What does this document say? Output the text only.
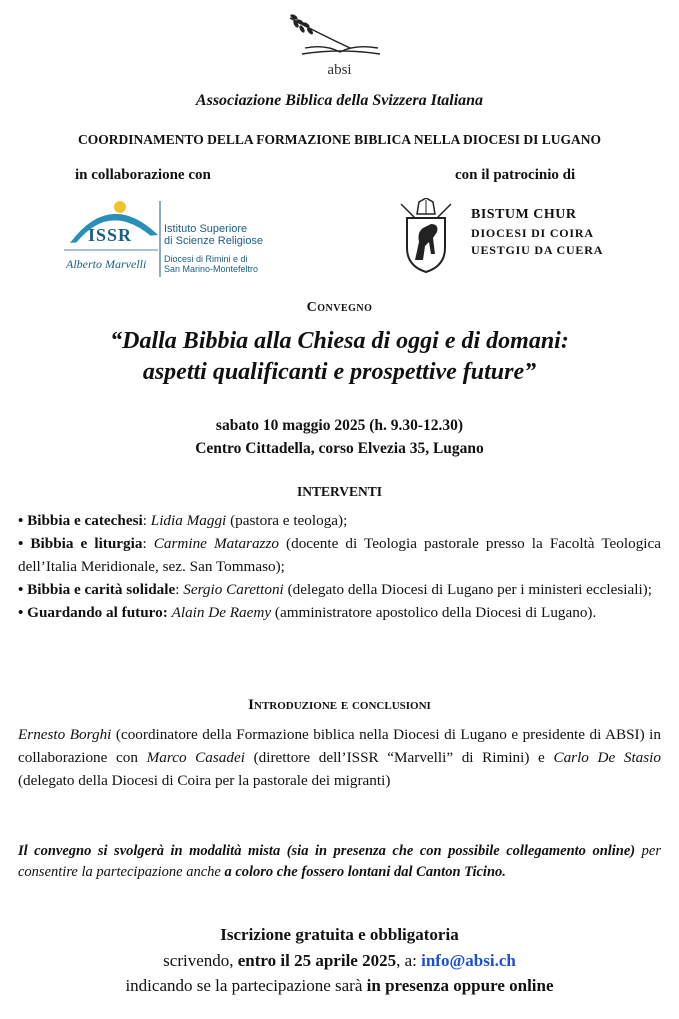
absi
Associazione Biblica della Svizzera Italiana
COORDINAMENTO DELLA FORMAZIONE BIBLICA NELLA DIOCESI DI LUGANO
in collaborazione con	con il patrocinio di
ISSR
Alberto Marvelli
Istituto Superiore
di Scienze Religiose
Diocesi di Rimini e di
San Marino-Montefeltro
BISTUM CHUR
DIOCESI DI COIRA
UESTGIU DA CUERA
Convegno
“Dalla Bibbia alla Chiesa di oggi e di domani:
aspetti qualificanti e prospettive future”
sabato 10 maggio 2025 (h. 9.30-12.30)
Centro Cittadella, corso Elvezia 35, Lugano
INTERVENTI

• Bibbia e catechesi: Lidia Maggi (pastora e teologa);

• Bibbia e liturgia: Carmine Matarazzo (docente di Teologia pastorale presso la Facoltà Teologica dell’Italia Meridionale, sez. San Tommaso);

• Bibbia e carità solidale: Sergio Carettoni (delegato della Diocesi di Lugano per i ministeri ecclesiali);

• Guardando al futuro: Alain De Raemy (amministratore apostolico della Diocesi di Lugano).

Introduzione e conclusioni
Ernesto Borghi (coordinatore della Formazione biblica nella Diocesi di Lugano e presidente di ABSI) in collaborazione con Marco Casadei (direttore dell’ISSR “Marvelli” di Rimini) e Carlo De Stasio (delegato della Diocesi di Coira per la pastorale dei migranti)
Il convegno si svolgerà in modalità mista (sia in presenza che con possibile collegamento online) per consentire la partecipazione anche a coloro che fossero lontani dal Canton Ticino.
Iscrizione gratuita e obbligatoria
scrivendo, entro il 25 aprile 2025, a: info@absi.ch
indicando se la partecipazione sarà in presenza oppure online
